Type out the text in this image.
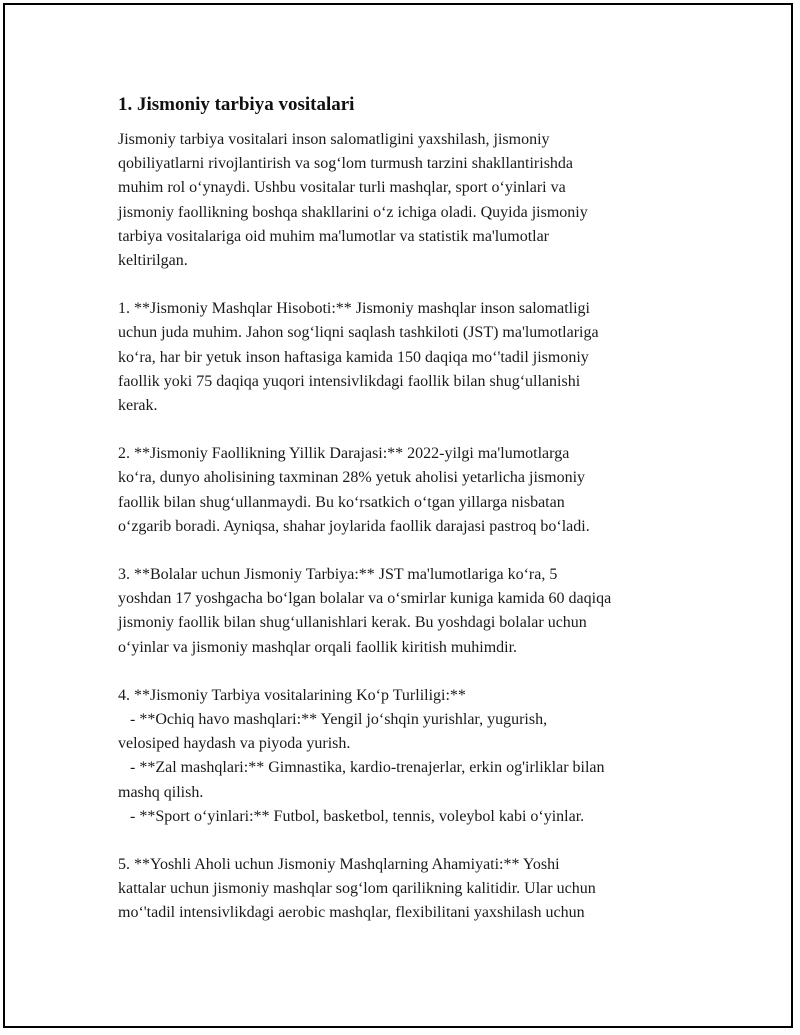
1. Jismoniy tarbiya vositalari
Jismoniy tarbiya vositalari inson salomatligini yaxshilash, jismoniy
qobiliyatlarni rivojlantirish va sog‘lom turmush tarzini shakllantirishda
muhim rol o‘ynaydi. Ushbu vositalar turli mashqlar, sport o‘yinlari va
jismoniy faollikning boshqa shakllarini o‘z ichiga oladi. Quyida jismoniy
tarbiya vositalariga oid muhim ma'lumotlar va statistik ma'lumotlar
keltirilgan.
1. **Jismoniy Mashqlar Hisoboti:** Jismoniy mashqlar inson salomatligi
uchun juda muhim. Jahon sog‘liqni saqlash tashkiloti (JST) ma'lumotlariga
ko‘ra, har bir yetuk inson haftasiga kamida 150 daqiqa mo‘'tadil jismoniy
faollik yoki 75 daqiqa yuqori intensivlikdagi faollik bilan shug‘ullanishi
kerak.
2. **Jismoniy Faollikning Yillik Darajasi:** 2022-yilgi ma'lumotlarga
ko‘ra, dunyo aholisining taxminan 28% yetuk aholisi yetarlicha jismoniy
faollik bilan shug‘ullanmaydi. Bu ko‘rsatkich o‘tgan yillarga nisbatan
o‘zgarib boradi. Ayniqsa, shahar joylarida faollik darajasi pastroq bo‘ladi.
3. **Bolalar uchun Jismoniy Tarbiya:** JST ma'lumotlariga ko‘ra, 5
yoshdan 17 yoshgacha bo‘lgan bolalar va o‘smirlar kuniga kamida 60 daqiqa
jismoniy faollik bilan shug‘ullanishlari kerak. Bu yoshdagi bolalar uchun
o‘yinlar va jismoniy mashqlar orqali faollik kiritish muhimdir.
4. **Jismoniy Tarbiya vositalarining Ko‘p Turliligi:**
- **Ochiq havo mashqlari:** Yengil jo‘shqin yurishlar, yugurish,
velosiped haydash va piyoda yurish.
- **Zal mashqlari:** Gimnastika, kardio-trenajerlar, erkin og'irliklar bilan
mashq qilish.
- **Sport o‘yinlari:** Futbol, basketbol, tennis, voleybol kabi o‘yinlar.
5. **Yoshli Aholi uchun Jismoniy Mashqlarning Ahamiyati:** Yoshi
kattalar uchun jismoniy mashqlar sog‘lom qarilikning kalitidir. Ular uchun
mo‘'tadil intensivlikdagi aerobic mashqlar, flexibilitani yaxshilash uchun
